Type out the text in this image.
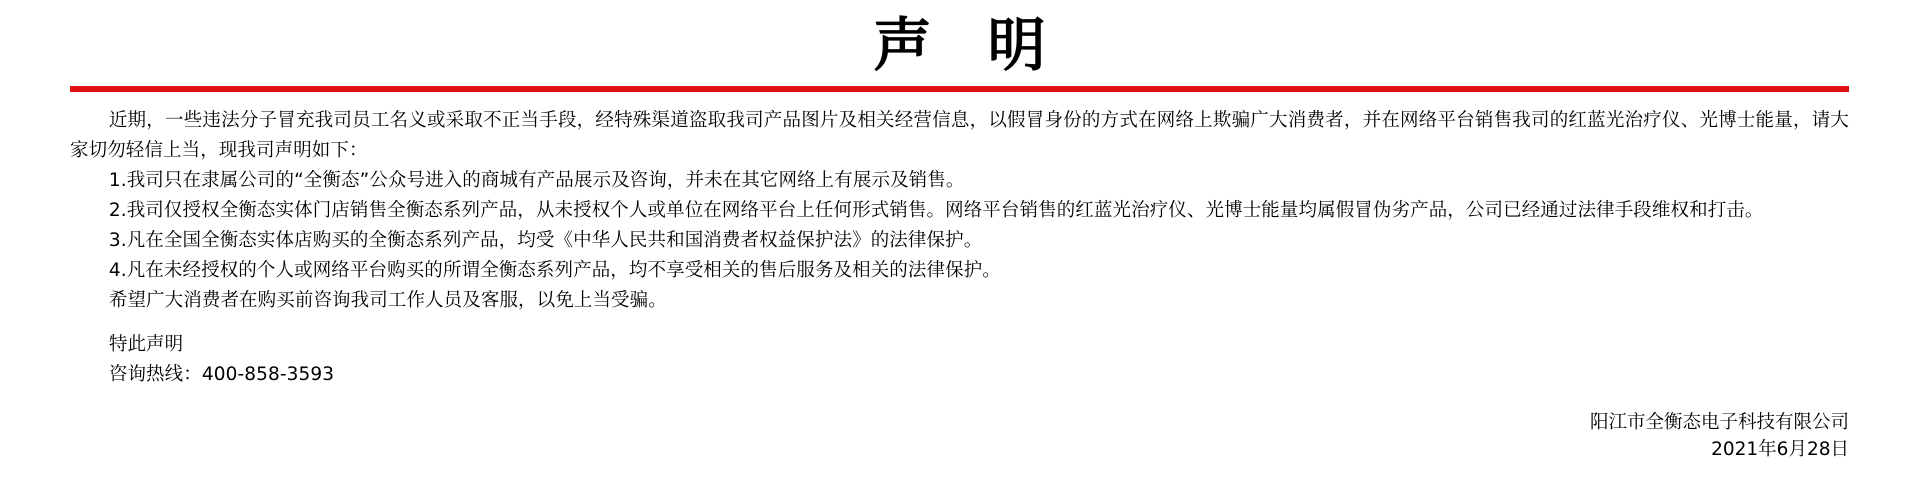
声 明

近期，一些违法分子冒充我司员工名义或采取不正当手段，经特殊渠道盗取我司产品图片及相关经营信息，以假冒身份的方式在网络上欺骗广大消费者，并在网络平台销售我司的红蓝光治疗仪、光博士能量，请大家切勿轻信上当，现我司声明如下：

1.我司只在隶属公司的“全衡态”公众号进入的商城有产品展示及咨询，并未在其它网络上有展示及销售。

2.我司仅授权全衡态实体门店销售全衡态系列产品，从未授权个人或单位在网络平台上任何形式销售。网络平台销售的红蓝光治疗仪、光博士能量均属假冒伪劣产品，公司已经通过法律手段维权和打击。

3.凡在全国全衡态实体店购买的全衡态系列产品，均受《中华人民共和国消费者权益保护法》的法律保护。

4.凡在未经授权的个人或网络平台购买的所谓全衡态系列产品，均不享受相关的售后服务及相关的法律保护。

希望广大消费者在购买前咨询我司工作人员及客服，以免上当受骗。

特此声明

咨询热线：400-858-3593

阳江市全衡态电子科技有限公司
2021年6月28日
